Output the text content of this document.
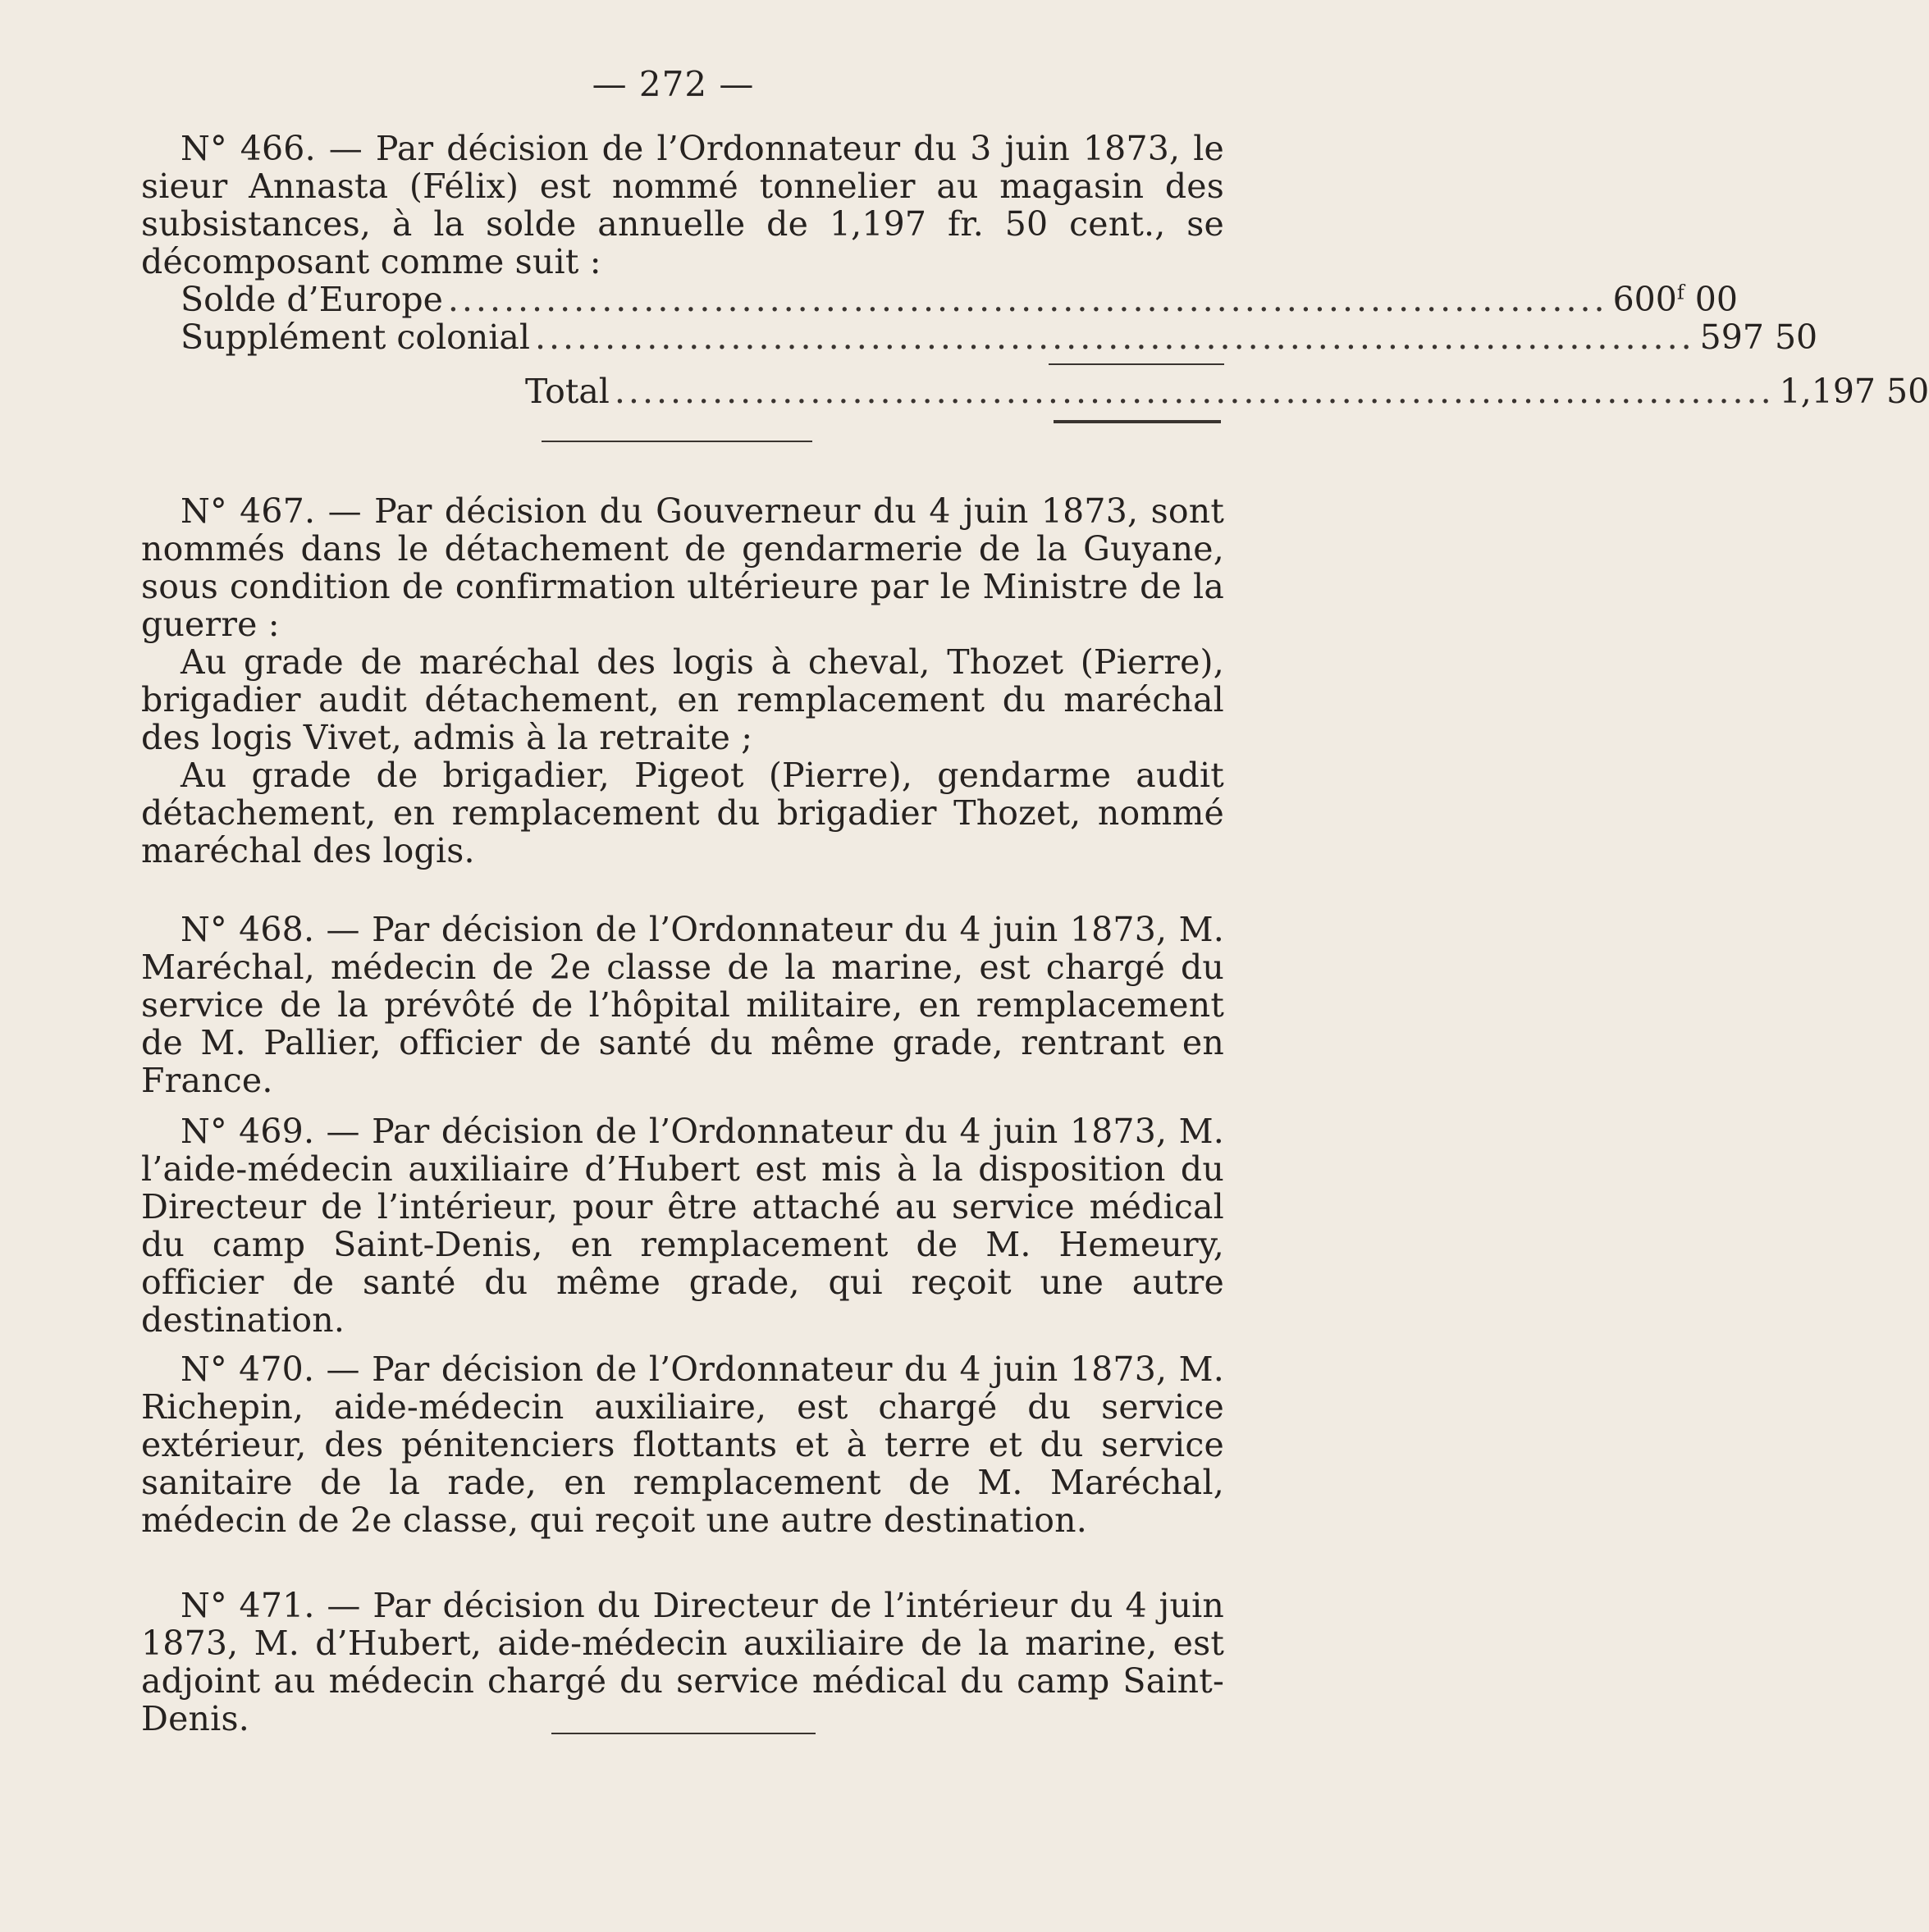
— 272 —

N° 466. — Par décision de l’Ordonnateur du 3 juin 1873, le sieur Annasta (Félix) est nommé tonnelier au magasin des subsistances, à la solde annuelle de 1,197 fr. 50 cent., se décomposant comme suit :

Solde d’Europe ................................................................................... 600$^f$ 00
Supplément colonial ................................................................................... 597 50
Total ................................................................................... 1,197 50

N° 467. — Par décision du Gouverneur du 4 juin 1873, sont nommés dans le détachement de gendarmerie de la Guyane, sous condition de confirmation ultérieure par le Ministre de la guerre :

Au grade de maréchal des logis à cheval, Thozet (Pierre), brigadier audit détachement, en remplacement du maréchal des logis Vivet, admis à la retraite ;

Au grade de brigadier, Pigeot (Pierre), gendarme audit détachement, en remplacement du brigadier Thozet, nommé maréchal des logis.

N° 468. — Par décision de l’Ordonnateur du 4 juin 1873, M. Maréchal, médecin de 2e classe de la marine, est chargé du service de la prévôté de l’hôpital militaire, en remplacement de M. Pallier, officier de santé du même grade, rentrant en France.

N° 469. — Par décision de l’Ordonnateur du 4 juin 1873, M. l’aide-médecin auxiliaire d’Hubert est mis à la disposition du Directeur de l’intérieur, pour être attaché au service médical du camp Saint-Denis, en remplacement de M. Hemeury, officier de santé du même grade, qui reçoit une autre destination.

N° 470. — Par décision de l’Ordonnateur du 4 juin 1873, M. Richepin, aide-médecin auxiliaire, est chargé du service extérieur, des pénitenciers flottants et à terre et du service sanitaire de la rade, en remplacement de M. Maréchal, médecin de 2e classe, qui reçoit une autre destination.

N° 471. — Par décision du Directeur de l’intérieur du 4 juin 1873, M. d’Hubert, aide-médecin auxiliaire de la marine, est adjoint au médecin chargé du service médical du camp Saint-Denis.
